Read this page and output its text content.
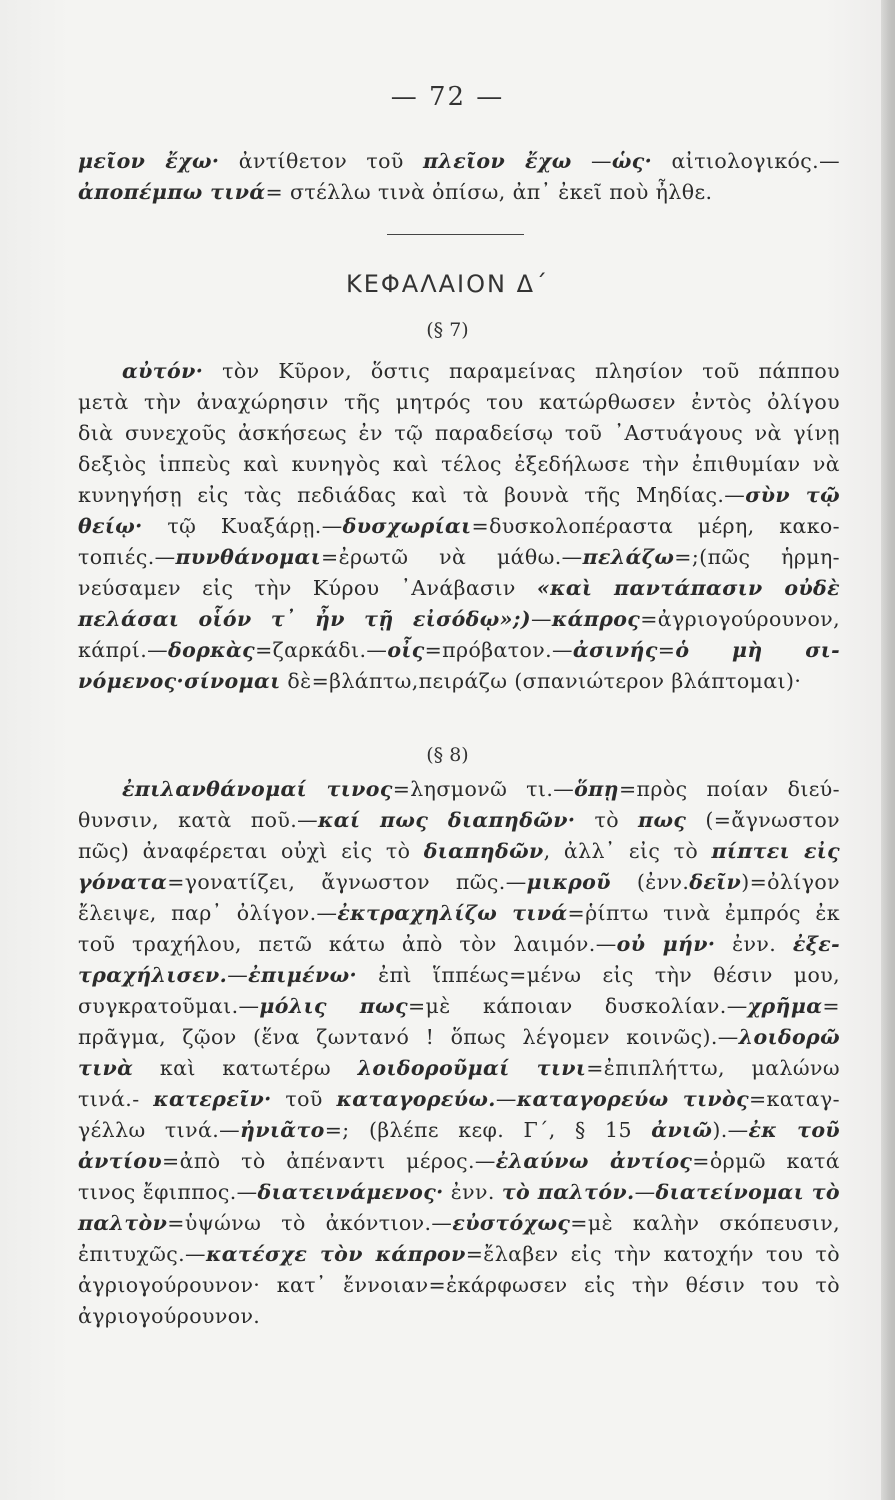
— 72 —
μεῖον ἔχω· ἀντίθετον τοῦ πλεῖον ἔχω —ὡς· αἰτιολογικός.—
ἀποπέμπω τινά= στέλλω τινὰ ὀπίσω, ἀπ᾽ ἐκεῖ ποὺ ἦλθε.
ΚΕΦΑΛΑΙΟΝ Δ΄
(§ 7)
αὐτόν· τὸν Κῦρον, ὅστις παραμείνας πλησίον τοῦ πάππου
μετὰ τὴν ἀναχώρησιν τῆς μητρός του κατώρθωσεν ἐντὸς ὀλίγου
διὰ συνεχοῦς ἀσκήσεως ἐν τῷ παραδείσῳ τοῦ ᾽Αστυάγους νὰ γίνῃ
δεξιὸς ἱππεὺς καὶ κυνηγὸς καὶ τέλος ἐξεδήλωσε τὴν ἐπιθυμίαν νὰ
κυνηγήσῃ εἰς τὰς πεδιάδας καὶ τὰ βουνὰ τῆς Μηδίας.—σὺν τῷ
θείῳ· τῷ Κυαξάρῃ.—δυσχωρίαι=δυσκολοπέραστα μέρη, κακο-
τοπιές.—πυνθάνομαι=ἐρωτῶ νὰ μάθω.—πελάζω=;(πῶς ἡρμη-
νεύσαμεν εἰς τὴν Κύρου ᾽Ανάβασιν «καὶ παντάπασιν οὐδὲ
πελάσαι οἷόν τ᾽ ἦν τῇ εἰσόδῳ»;)—κάπρος=ἀγριογούρουνον,
κάπρί.—δορκὰς=ζαρκάδι.—οἶς=πρόβατον.—ἀσινής=ὁ μὴ σι-
νόμενος·σίνομαι δὲ=βλάπτω,πειράζω (σπανιώτερον βλάπτομαι)·
(§ 8)
ἐπιλανθάνομαί τινος=λησμονῶ τι.—ὅπῃ=πρὸς ποίαν διεύ-
θυνσιν, κατὰ ποῦ.—καί πως διαπηδῶν· τὸ πως (=ἄγνωστον
πῶς) ἀναφέρεται οὐχὶ εἰς τὸ διαπηδῶν, ἀλλ᾽ εἰς τὸ πίπτει εἰς
γόνατα=γονατίζει, ἄγνωστον πῶς.—μικροῦ (ἐνν.δεῖν)=ὀλίγον
ἔλειψε, παρ᾽ ὀλίγον.—ἐκτραχηλίζω τινά=ῥίπτω τινὰ ἐμπρός ἐκ
τοῦ τραχήλου, πετῶ κάτω ἀπὸ τὸν λαιμόν.—οὐ μήν· ἐνν. ἐξε-
τραχήλισεν.—ἐπιμένω· ἐπὶ ἵππέως=μένω εἰς τὴν θέσιν μου,
συγκρατοῦμαι.—μόλις πως=μὲ κάποιαν δυσκολίαν.—χρῆμα=
πρᾶγμα, ζῷον (ἕνα ζωντανό ! ὅπως λέγομεν κοινῶς).—λοιδορῶ
τινὰ καὶ κατωτέρω λοιδοροῦμαί τινι=ἐπιπλήττω, μαλώνω
τινά.- κατερεῖν· τοῦ καταγορεύω.—καταγορεύω τινὸς=καταγ-
γέλλω τινά.—ἠνιᾶτο=; (βλέπε κεφ. Γ΄, § 15 ἀνιῶ).—ἐκ τοῦ
ἀντίου=ἀπὸ τὸ ἀπέναντι μέρος.—ἐλαύνω ἀντίος=ὁρμῶ κατά
τινος ἔφιππος.—διατεινάμενος· ἐνν. τὸ παλτόν.—διατείνομαι τὸ
παλτὸν=ὑψώνω τὸ ἀκόντιον.—εὐστόχως=μὲ καλὴν σκόπευσιν,
ἐπιτυχῶς.—κατέσχε τὸν κάπρον=ἔλαβεν εἰς τὴν κατοχήν του τὸ
ἀγριογούρουνον· κατ᾽ ἔννοιαν=ἐκάρφωσεν εἰς τὴν θέσιν του τὸ
ἀγριογούρουνον.
